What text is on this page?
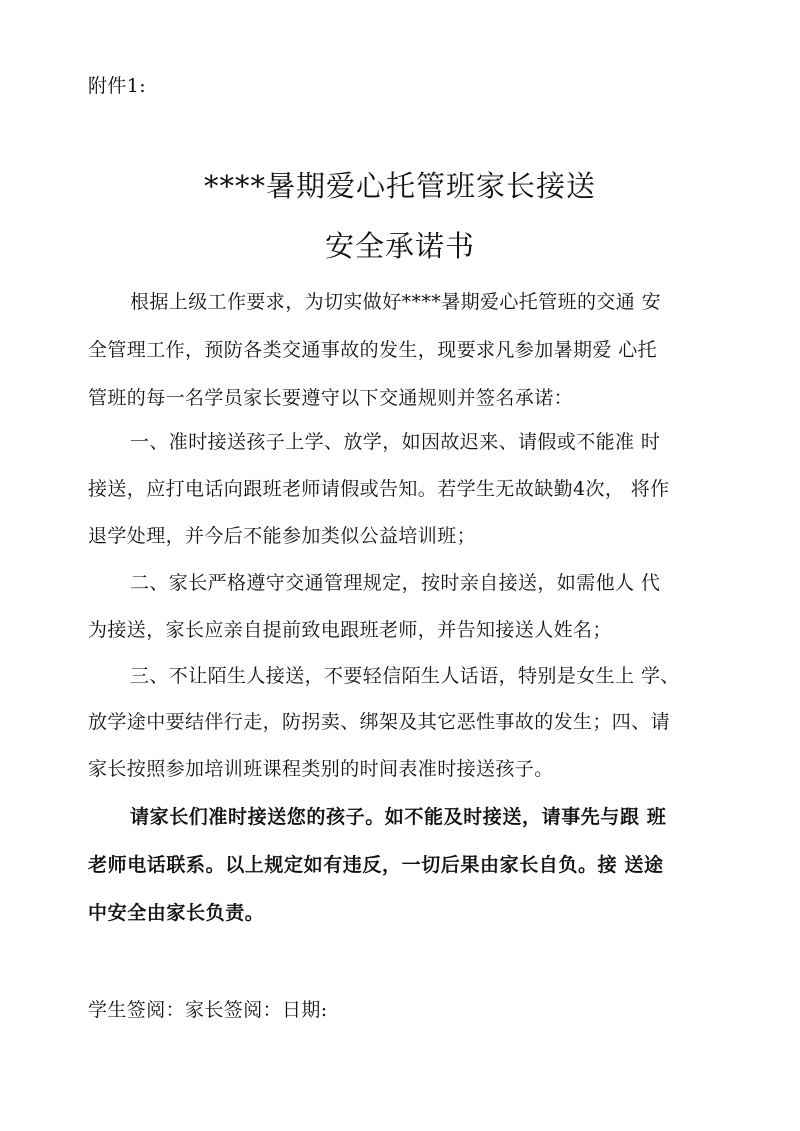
附件1:
****暑期爱心托管班家长接送
安全承诺书
根据上级工作要求，为切实做好****暑期爱心托管班的交通 安
全管理工作，预防各类交通事故的发生，现要求凡参加暑期爱 心托
管班的每一名学员家长要遵守以下交通规则并签名承诺：
一、准时接送孩子上学、放学，如因故迟来、请假或不能准 时
接送，应打电话向跟班老师请假或告知。若学生无故缺勤4次， 将作
退学处理，并今后不能参加类似公益培训班；
二、家长严格遵守交通管理规定，按时亲自接送，如需他人 代
为接送，家长应亲自提前致电跟班老师，并告知接送人姓名；
三、不让陌生人接送，不要轻信陌生人话语，特别是女生上 学、
放学途中要结伴行走，防拐卖、绑架及其它恶性事故的发生；四、请
家长按照参加培训班课程类别的时间表准时接送孩子。
请家长们准时接送您的孩子。如不能及时接送，请事先与跟 班
老师电话联系。以上规定如有违反，一切后果由家长自负。接 送途
中安全由家长负责。
学生签阅：家长签阅：日期:
